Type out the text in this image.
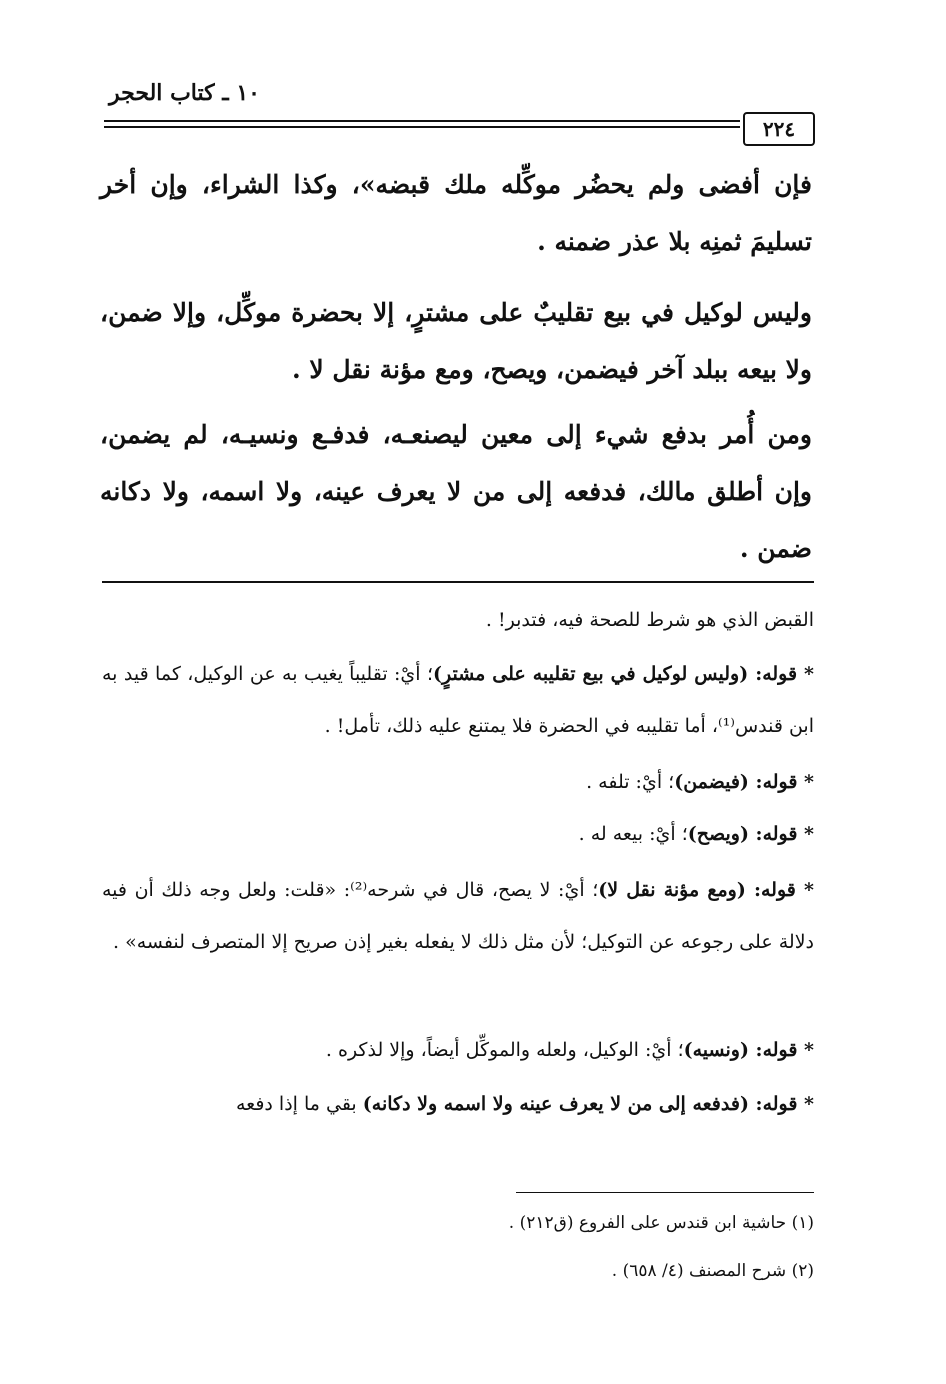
١٠ ـ كتاب الحجر
٢٢٤
فإن أفضى ولم يحضُر موكِّله ملك قبضه»، وكذا الشراء، وإن أخر تسليمَ ثمنِه بلا عذر ضمنه .
وليس لوكيل في بيع تقليبٌ على مشترٍ، إلا بحضرة موكِّل، وإلا ضمن، ولا بيعه ببلد آخر فيضمن، ويصح، ومع مؤنة نقل لا .
ومن أُمر بدفع شيء إلى معين ليصنعـه، فدفـع ونسيـه، لم يضمن، وإن أطلق مالك، فدفعه إلى من لا يعرف عينه، ولا اسمه، ولا دكانه ضمن .
القبض الذي هو شرط للصحة فيه، فتدبر! .
* قوله: (وليس لوكيل في بيع تقليبه على مشترٍ)؛ أيْ: تقليباً يغيب به عن الوكيل، كما قيد به ابن قندس⁽¹⁾، أما تقليبه في الحضرة فلا يمتنع عليه ذلك، تأمل! .
* قوله: (فيضمن)؛ أيْ: تلفه .
* قوله: (ويصح)؛ أيْ: بيعه له .
* قوله: (ومع مؤنة نقل لا)؛ أيْ: لا يصح، قال في شرحه⁽²⁾: «قلت: ولعل وجه ذلك أن فيه دلالة على رجوعه عن التوكيل؛ لأن مثل ذلك لا يفعله بغير إذن صريح إلا المتصرف لنفسه» .
* قوله: (ونسيه)؛ أيْ: الوكيل، ولعله والموكِّل أيضاً، وإلا لذكره .
* قوله: (فدفعه إلى من لا يعرف عينه ولا اسمه ولا دكانه) بقي ما إذا دفعه
(١) حاشية ابن قندس على الفروع (ق٢١٢) .
(٢) شرح المصنف (٤/ ٦٥٨) .
